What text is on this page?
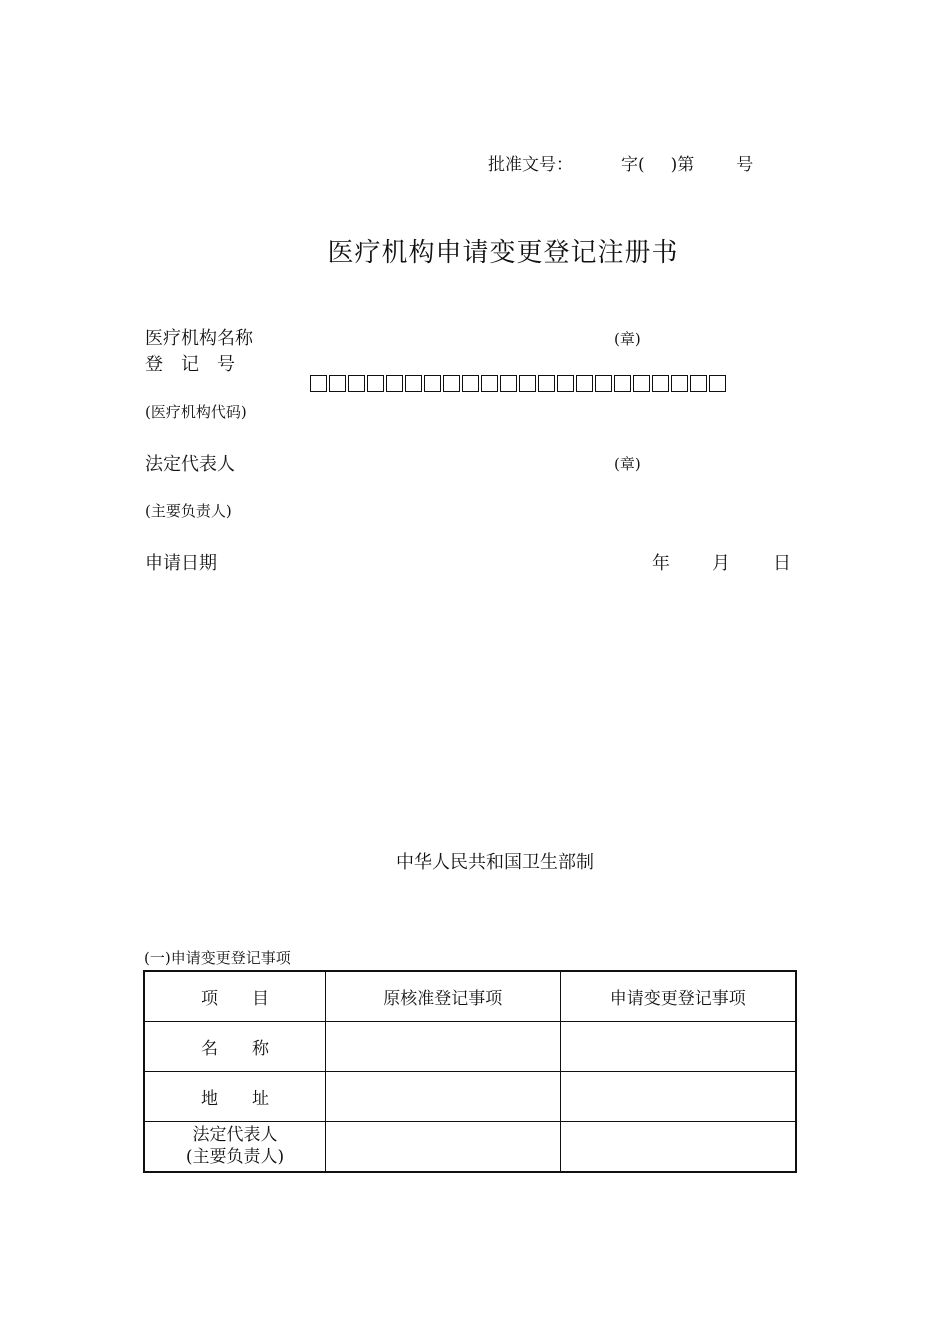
批准文号：	字( )第 号
医疗机构申请变更登记注册书
医疗机构名称	(章)
登　记　号
(医疗机构代码)
法定代表人	(章)
(主要负责人)
申请日期	年 月 日
中华人民共和国卫生部制
(一)申请变更登记事项
项　　目	原核准登记事项	申请变更登记事项
名　　称		
地　　址		

法定代表人
(主要负责人)		
